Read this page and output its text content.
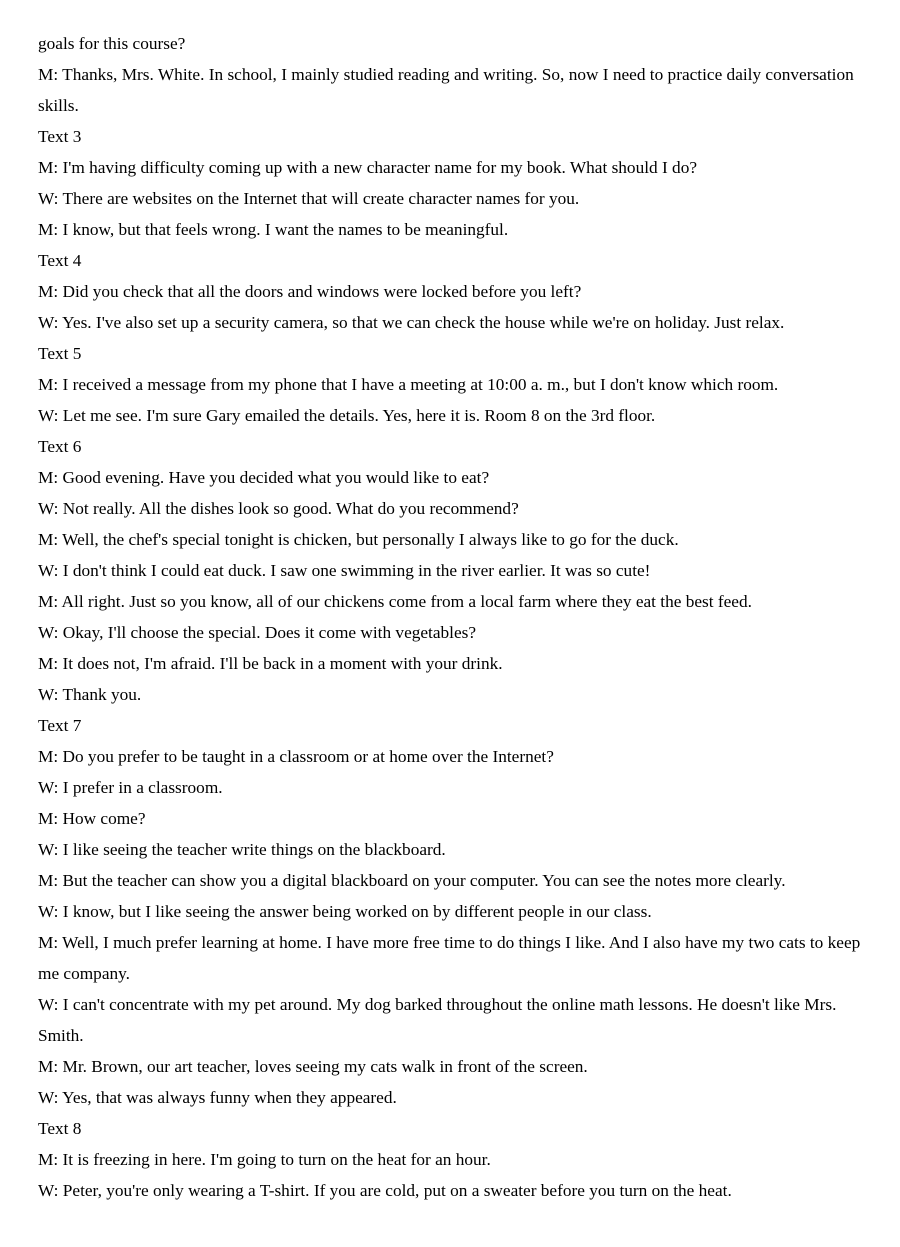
goals for this course?

M: Thanks, Mrs. White. In school, I mainly studied reading and writing. So, now I need to practice daily conversation skills.

Text 3

M: I'm having difficulty coming up with a new character name for my book. What should I do?

W: There are websites on the Internet that will create character names for you.

M: I know, but that feels wrong. I want the names to be meaningful.

Text 4

M: Did you check that all the doors and windows were locked before you left?

W: Yes. I've also set up a security camera, so that we can check the house while we're on holiday. Just relax.

Text 5

M: I received a message from my phone that I have a meeting at 10:00 a. m., but I don't know which room.

W: Let me see. I'm sure Gary emailed the details. Yes, here it is. Room 8 on the 3rd floor.

Text 6

M: Good evening. Have you decided what you would like to eat?

W: Not really. All the dishes look so good. What do you recommend?

M: Well, the chef's special tonight is chicken, but personally I always like to go for the duck.

W: I don't think I could eat duck. I saw one swimming in the river earlier. It was so cute!

M: All right. Just so you know, all of our chickens come from a local farm where they eat the best feed.

W: Okay, I'll choose the special. Does it come with vegetables?

M: It does not, I'm afraid. I'll be back in a moment with your drink.

W: Thank you.

Text 7

M: Do you prefer to be taught in a classroom or at home over the Internet?

W: I prefer in a classroom.

M: How come?

W: I like seeing the teacher write things on the blackboard.

M: But the teacher can show you a digital blackboard on your computer. You can see the notes more clearly.

W: I know, but I like seeing the answer being worked on by different people in our class.

M: Well, I much prefer learning at home. I have more free time to do things I like. And I also have my two cats to keep me company.

W: I can't concentrate with my pet around. My dog barked throughout the online math lessons. He doesn't like Mrs. Smith.

M: Mr. Brown, our art teacher, loves seeing my cats walk in front of the screen.

W: Yes, that was always funny when they appeared.

Text 8

M: It is freezing in here. I'm going to turn on the heat for an hour.

W: Peter, you're only wearing a T-shirt. If you are cold, put on a sweater before you turn on the heat.
